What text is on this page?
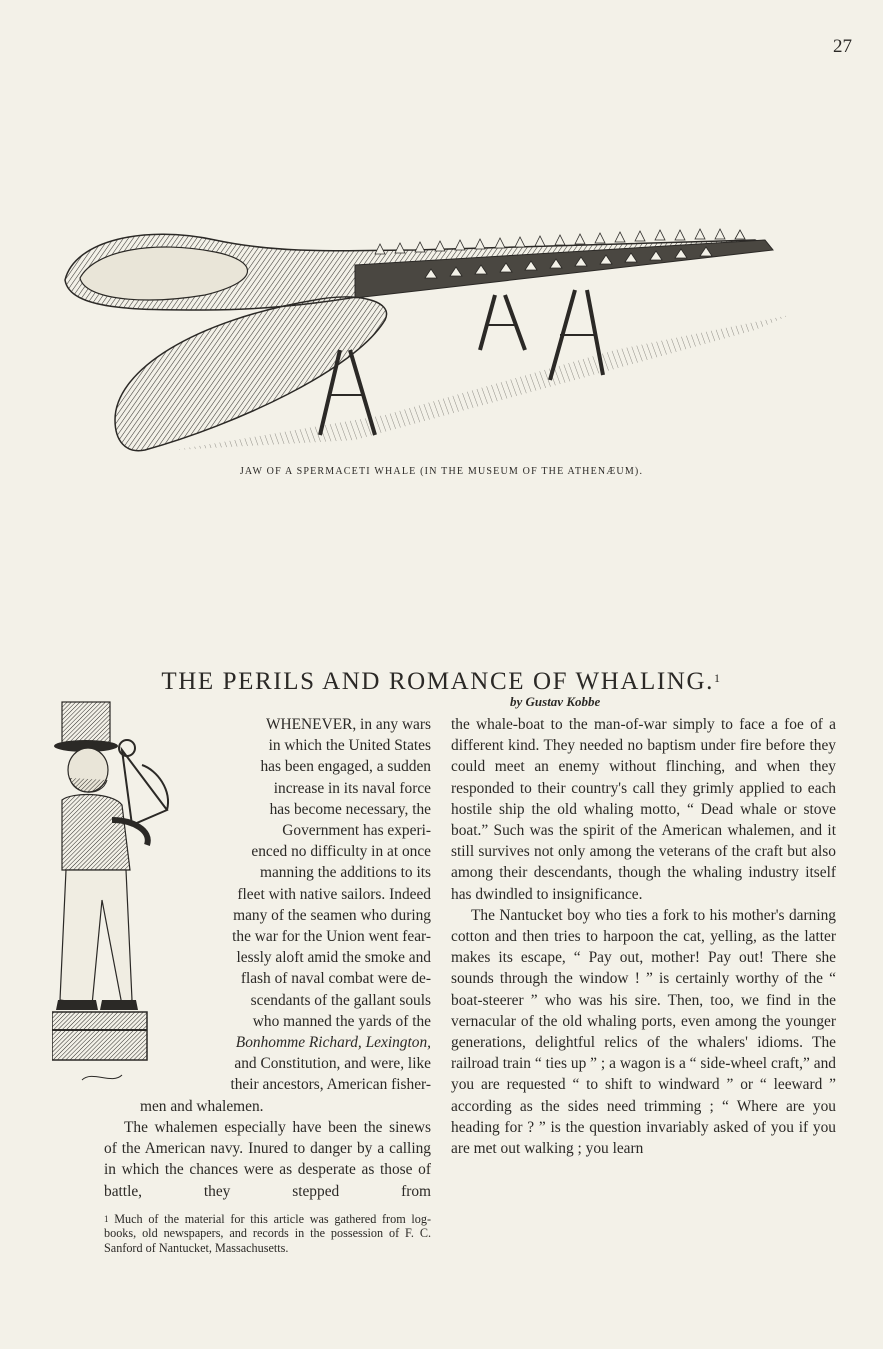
27
JAW OF A SPERMACETI WHALE (IN THE MUSEUM OF THE ATHENÆUM).
THE PERILS AND ROMANCE OF WHALING.$^1$
by Gustav Kobbe
WHENEVER, in any wars
in which the United States
has been engaged, a sudden
increase in its naval force
has become necessary, the
Government has experi-
enced no difficulty in at once
manning the additions to its
fleet with native sailors. Indeed
many of the seamen who during
the war for the Union went fear-
lessly aloft amid the smoke and
flash of naval combat were de-
scendants of the gallant souls
who manned the yards of the
Bonhomme Richard, Lexington,
and Constitution, and were, like
their ancestors, American fisher-
men and whalemen.
The whalemen especially have been the sinews of the American navy. Inured to danger by a calling in which the chances were as desperate as those of battle, they stepped from

the whale-boat to the man-of-war simply to face a foe of a different kind. They needed no baptism under fire before they could meet an enemy without flinching, and when they responded to their country's call they grimly applied to each hostile ship the old whaling motto, “ Dead whale or stove boat.” Such was the spirit of the American whalemen, and it still survives not only among the veterans of the craft but also among their descendants, though the whaling industry itself has dwindled to insignificance.

The Nantucket boy who ties a fork to his mother's darning cotton and then tries to harpoon the cat, yelling, as the latter makes its escape, “ Pay out, mother! Pay out! There she sounds through the window ! ” is certainly worthy of the “ boat-steerer ” who was his sire. Then, too, we find in the vernacular of the old whaling ports, even among the younger generations, delightful relics of the whalers' idioms. The railroad train “ ties up ” ; a wagon is a “ side-wheel craft,” and you are requested “ to shift to windward ” or “ leeward ” according as the sides need trimming ; “ Where are you heading for ? ” is the question invariably asked of you if you are met out walking ; you learn

$^1$ Much of the material for this article was gathered from log-books, old newspapers, and records in the possession of F. C. Sanford of Nantucket, Massachusetts.
